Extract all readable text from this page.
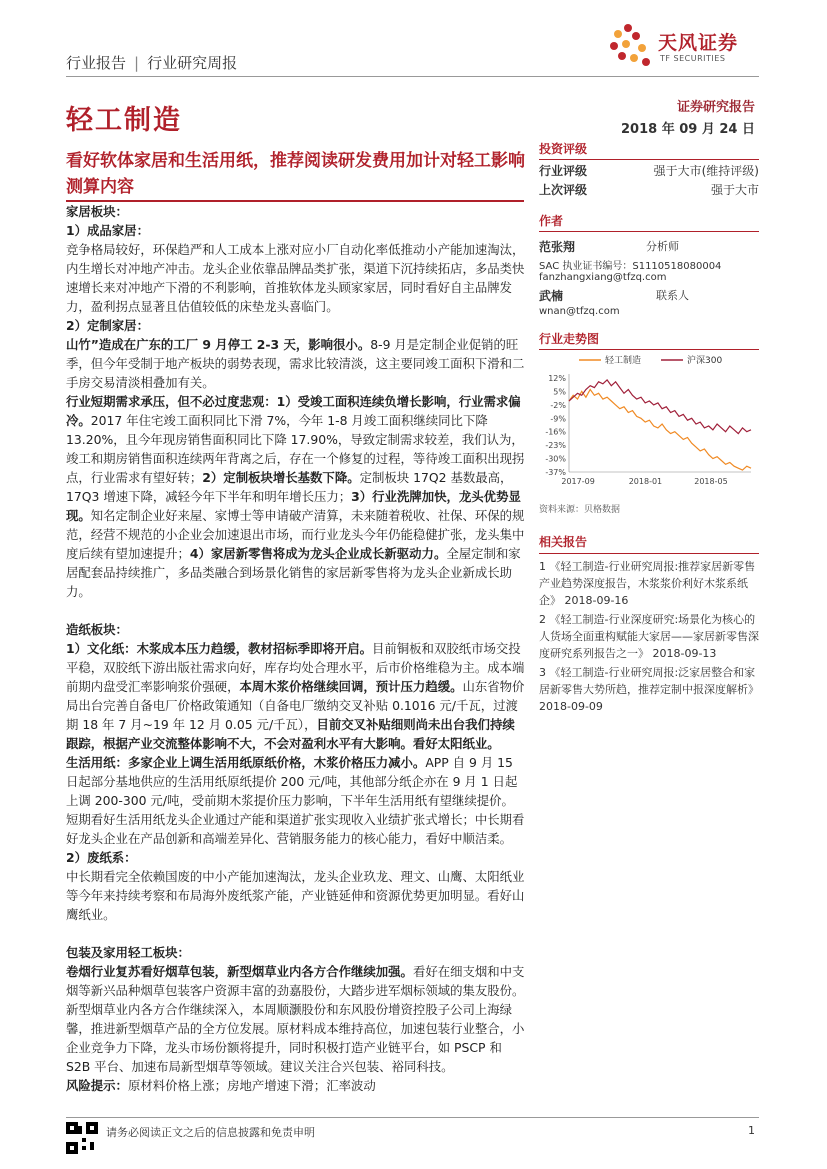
行业报告 | 行业研究周报
天风证券
TF SECURITIES
轻工制造	证券研究报告
2018 年 09 月 24 日
看好软体家居和生活用纸，推荐阅读研发费用加计对轻工影响测算内容

家居板块：

1）成品家居：

竞争格局较好，环保趋严和人工成本上涨对应小厂自动化率低推动小产能加速淘汰，内生增长对冲地产冲击。龙头企业依靠品牌品类扩张，渠道下沉持续拓店，多品类快速增长来对冲地产下滑的不利影响，首推软体龙头顾家家居，同时看好自主品牌发力，盈利拐点显著且估值较低的床垫龙头喜临门。

2）定制家居：

山竹”造成在广东的工厂 9 月停工 2-3 天，影响很小。8-9 月是定制企业促销的旺季，但今年受制于地产板块的弱势表现，需求比较清淡，这主要同竣工面积下滑和二手房交易清淡相叠加有关。

行业短期需求承压，但不必过度悲观：1）受竣工面积连续负增长影响，行业需求偏冷。2017 年住宅竣工面积同比下滑 7%，今年 1-8 月竣工面积继续同比下降 13.20%，且今年现房销售面积同比下降 17.90%，导致定制需求较差，我们认为，竣工和期房销售面积连续两年背离之后，存在一个修复的过程，等待竣工面积出现拐点，行业需求有望好转；2）定制板块增长基数下降。定制板块 17Q2 基数最高，17Q3 增速下降，减轻今年下半年和明年增长压力；3）行业洗牌加快，龙头优势显现。知名定制企业好来屋、家博士等申请破产清算，未来随着税收、社保、环保的规范，经营不规范的小企业会加速退出市场，而行业龙头今年仍能稳健扩张，龙头集中度后续有望加速提升；4）家居新零售将成为龙头企业成长新驱动力。全屋定制和家居配套品持续推广，多品类融合到场景化销售的家居新零售将为龙头企业新成长助力。

造纸板块：

1）文化纸：木浆成本压力趋缓，教材招标季即将开启。目前铜板和双胶纸市场交投平稳，双胶纸下游出版社需求向好，库存均处合理水平，后市价格维稳为主。成本端前期内盘受汇率影响浆价强硬，本周木浆价格继续回调，预计压力趋缓。山东省物价局出台完善自备电厂价格政策通知（自备电厂缴纳交叉补贴 0.1016 元/千瓦，过渡期 18 年 7 月~19 年 12 月 0.05 元/千瓦），目前交叉补贴细则尚未出台我们持续跟踪，根据产业交流整体影响不大，不会对盈利水平有大影响。看好太阳纸业。

生活用纸：多家企业上调生活用纸原纸价格，木浆价格压力减小。APP 自 9 月 15 日起部分基地供应的生活用纸原纸提价 200 元/吨，其他部分纸企亦在 9 月 1 日起上调 200-300 元/吨，受前期木浆提价压力影响，下半年生活用纸有望继续提价。短期看好生活用纸龙头企业通过产能和渠道扩张实现收入业绩扩张式增长；中长期看好龙头企业在产品创新和高端差异化、营销服务能力的核心能力，看好中顺洁柔。

2）废纸系：

中长期看完全依赖国废的中小产能加速淘汰，龙头企业玖龙、理文、山鹰、太阳纸业等今年来持续考察和布局海外废纸浆产能，产业链延伸和资源优势更加明显。看好山鹰纸业。

包装及家用轻工板块：

卷烟行业复苏看好烟草包装，新型烟草业内各方合作继续加强。看好在细支烟和中支烟等新兴品种烟草包装客户资源丰富的劲嘉股份，大踏步进军烟标领域的集友股份。新型烟草业内各方合作继续深入，本周顺灏股份和东风股份增资控股子公司上海绿馨，推进新型烟草产品的全方位发展。原材料成本维持高位，加速包装行业整合，小企业竞争力下降，龙头市场份额将提升，同时积极打造产业链平台，如 PSCP 和 S2B 平台、加速布局新型烟草等领域。建议关注合兴包装、裕同科技。

风险提示：原材料价格上涨；房地产增速下滑；汇率波动

投资评级
行业评级	强于大市(维持评级)
上次评级	强于大市
作者
范张翔	分析师
SAC 执业证书编号：S1110518080004
fanzhangxiang@tfzq.com
武楠	联系人
wnan@tfzq.com
行业走势图
轻工制造	沪深300
12%
5%
-2%
-9%
-16%
-23%
-30%
-37%
2017-09	2018-01	2018-05
资料来源：贝格数据
相关报告

1 《轻工制造-行业研究周报:推荐家居新零售产业趋势深度报告，木浆浆价利好木浆系纸企》 2018-09-16

2 《轻工制造-行业深度研究:场景化为核心的人货场全面重构赋能大家居——家居新零售深度研究系列报告之一》 2018-09-13

3 《轻工制造-行业研究周报:泛家居整合和家居新零售大势所趋，推荐定制中报深度解析》 2018-09-09

请务必阅读正文之后的信息披露和免责申明	1
